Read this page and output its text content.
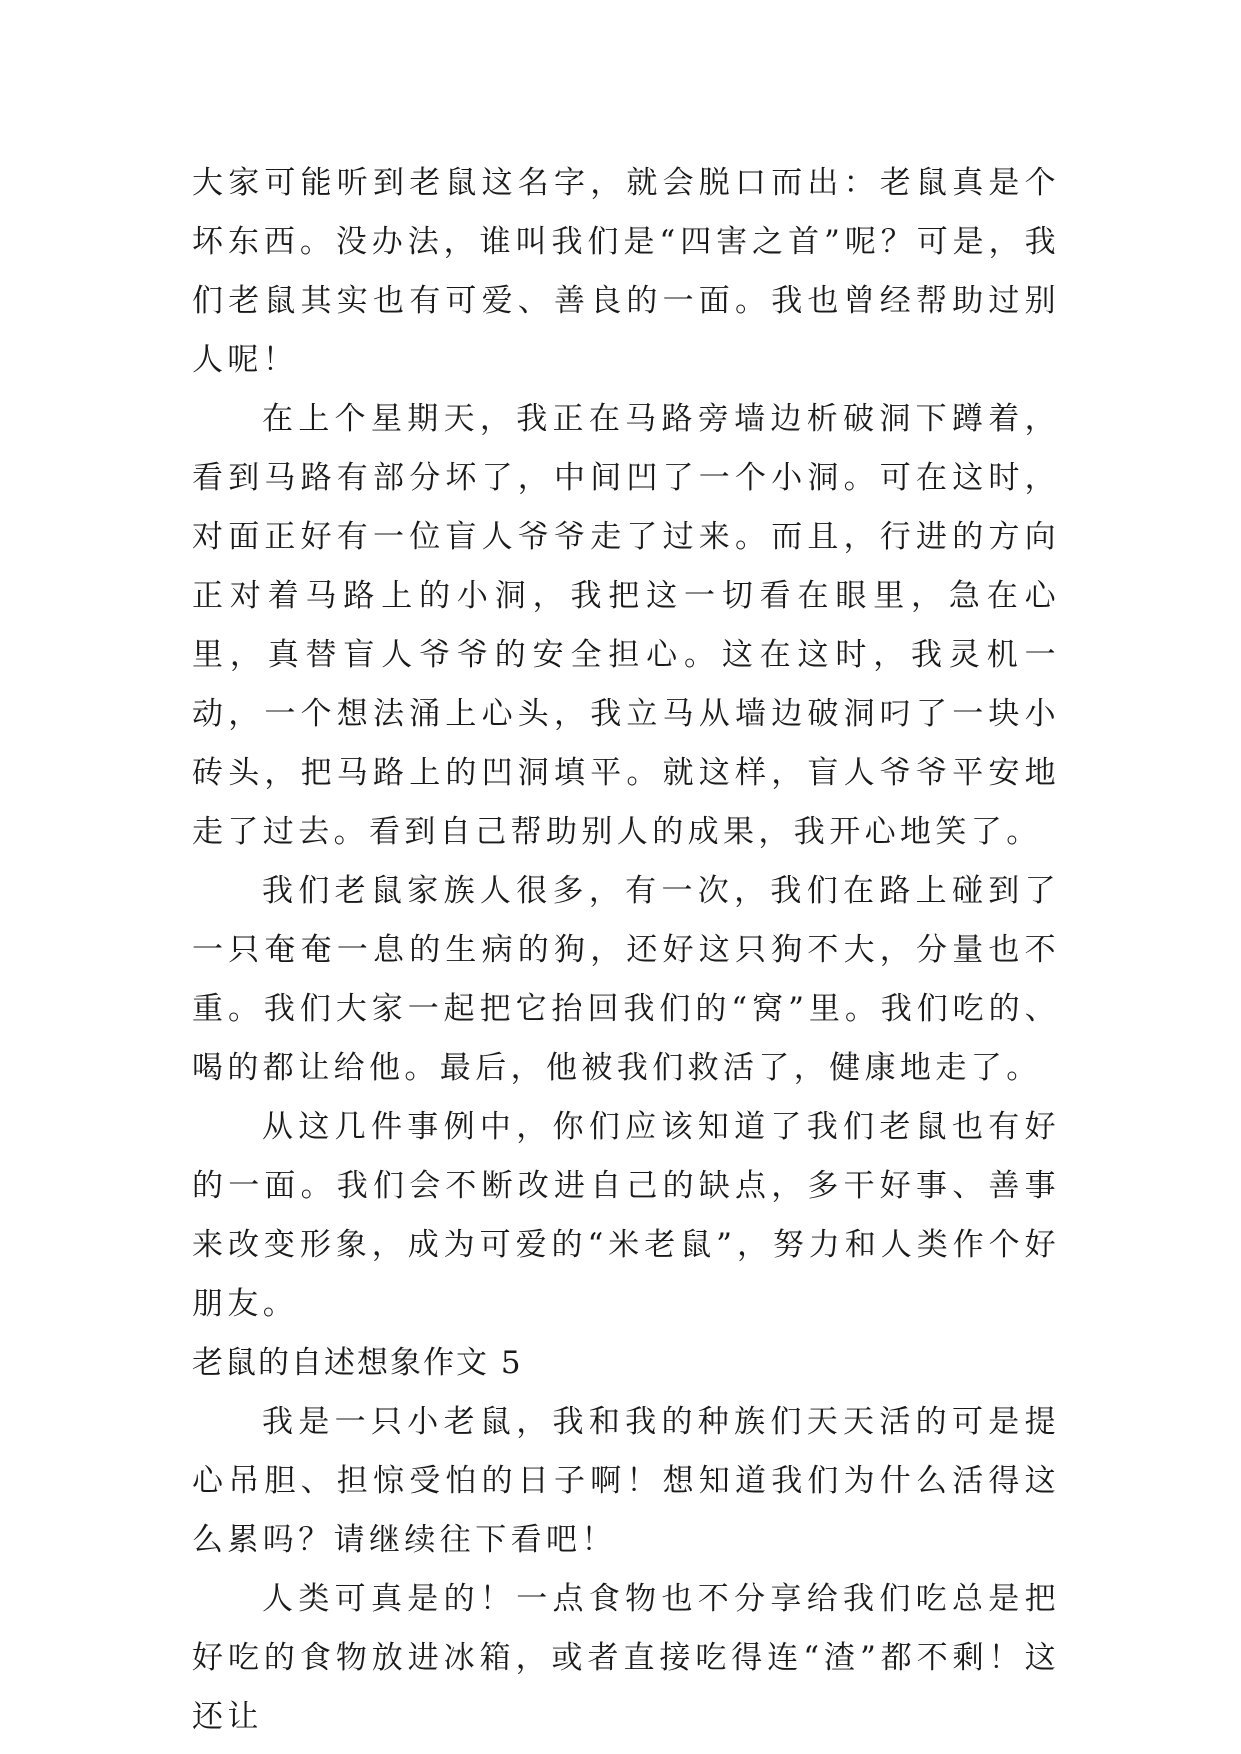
大家可能听到老鼠这名字，就会脱口而出：老鼠真是个坏东西。没办法，谁叫我们是“四害之首”呢？可是，我们老鼠其实也有可爱、善良的一面。我也曾经帮助过别人呢！

在上个星期天，我正在马路旁墙边析破洞下蹲着，看到马路有部分坏了，中间凹了一个小洞。可在这时，对面正好有一位盲人爷爷走了过来。而且，行进的方向正对着马路上的小洞，我把这一切看在眼里，急在心里，真替盲人爷爷的安全担心。这在这时，我灵机一动，一个想法涌上心头，我立马从墙边破洞叼了一块小砖头，把马路上的凹洞填平。就这样，盲人爷爷平安地走了过去。看到自己帮助别人的成果，我开心地笑了。

我们老鼠家族人很多，有一次，我们在路上碰到了一只奄奄一息的生病的狗，还好这只狗不大，分量也不重。我们大家一起把它抬回我们的“窝”里。我们吃的、喝的都让给他。最后，他被我们救活了，健康地走了。

从这几件事例中，你们应该知道了我们老鼠也有好的一面。我们会不断改进自己的缺点，多干好事、善事来改变形象，成为可爱的“米老鼠”，努力和人类作个好朋友。

老鼠的自述想象作文 5

我是一只小老鼠，我和我的种族们天天活的可是提心吊胆、担惊受怕的日子啊！想知道我们为什么活得这么累吗？请继续往下看吧！

人类可真是的！一点食物也不分享给我们吃总是把好吃的食物放进冰箱，或者直接吃得连“渣”都不剩！这还让
